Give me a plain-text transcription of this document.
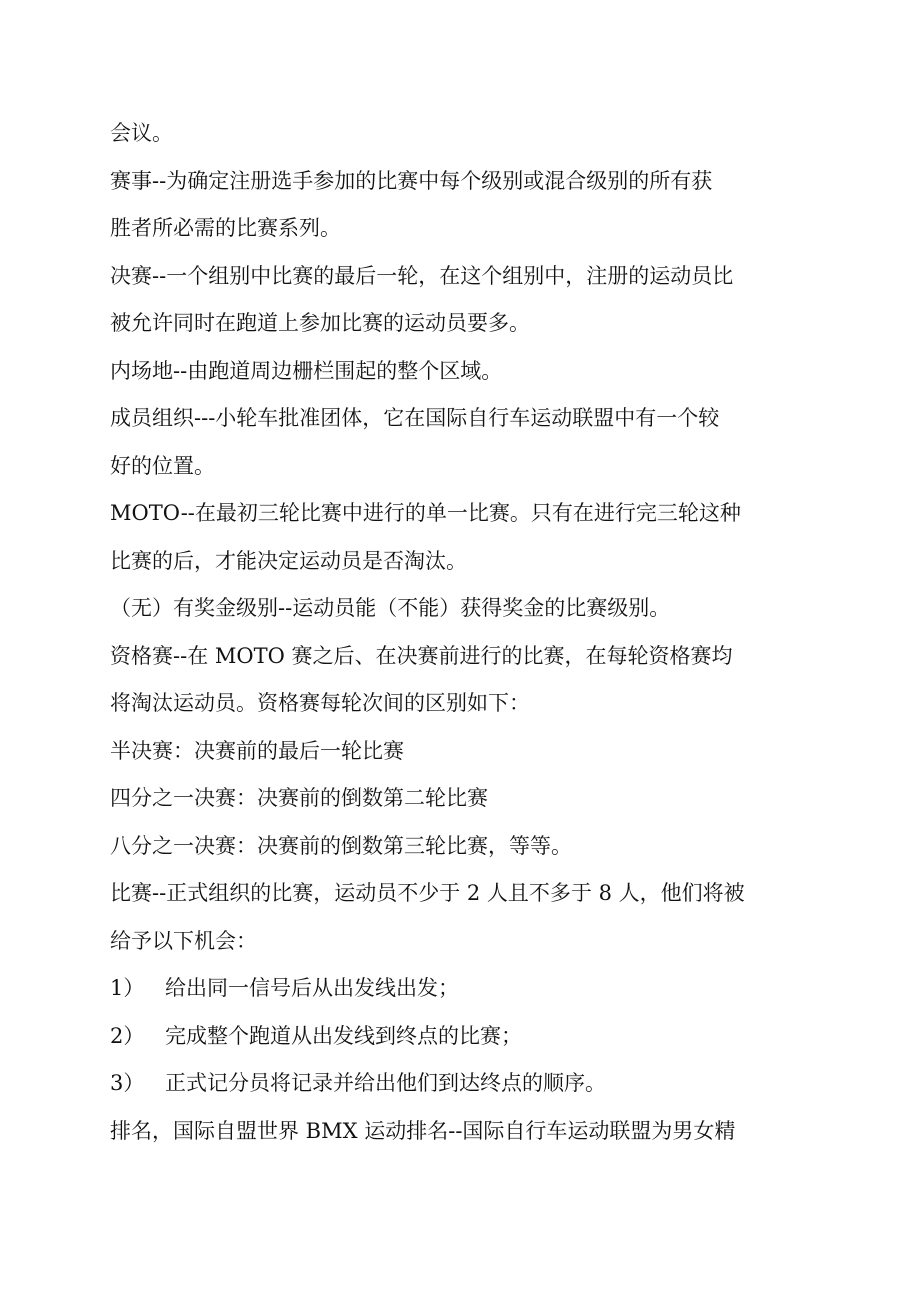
会议。
赛事--为确定注册选手参加的比赛中每个级别或混合级别的所有获
胜者所必需的比赛系列。
决赛--一个组别中比赛的最后一轮，在这个组别中，注册的运动员比
被允许同时在跑道上参加比赛的运动员要多。
内场地--由跑道周边栅栏围起的整个区域。
成员组织---小轮车批准团体，它在国际自行车运动联盟中有一个较
好的位置。
MOTO--在最初三轮比赛中进行的单一比赛。只有在进行完三轮这种
比赛的后，才能决定运动员是否淘汰。
（无）有奖金级别--运动员能（不能）获得奖金的比赛级别。
资格赛--在 MOTO 赛之后、在决赛前进行的比赛，在每轮资格赛均
将淘汰运动员。资格赛每轮次间的区别如下：
半决赛：决赛前的最后一轮比赛
四分之一决赛：决赛前的倒数第二轮比赛
八分之一决赛：决赛前的倒数第三轮比赛，等等。
比赛--正式组织的比赛，运动员不少于 2 人且不多于 8 人，他们将被
给予以下机会：
1） 给出同一信号后从出发线出发；
2） 完成整个跑道从出发线到终点的比赛；
3） 正式记分员将记录并给出他们到达终点的顺序。
排名，国际自盟世界 BMX 运动排名--国际自行车运动联盟为男女精
